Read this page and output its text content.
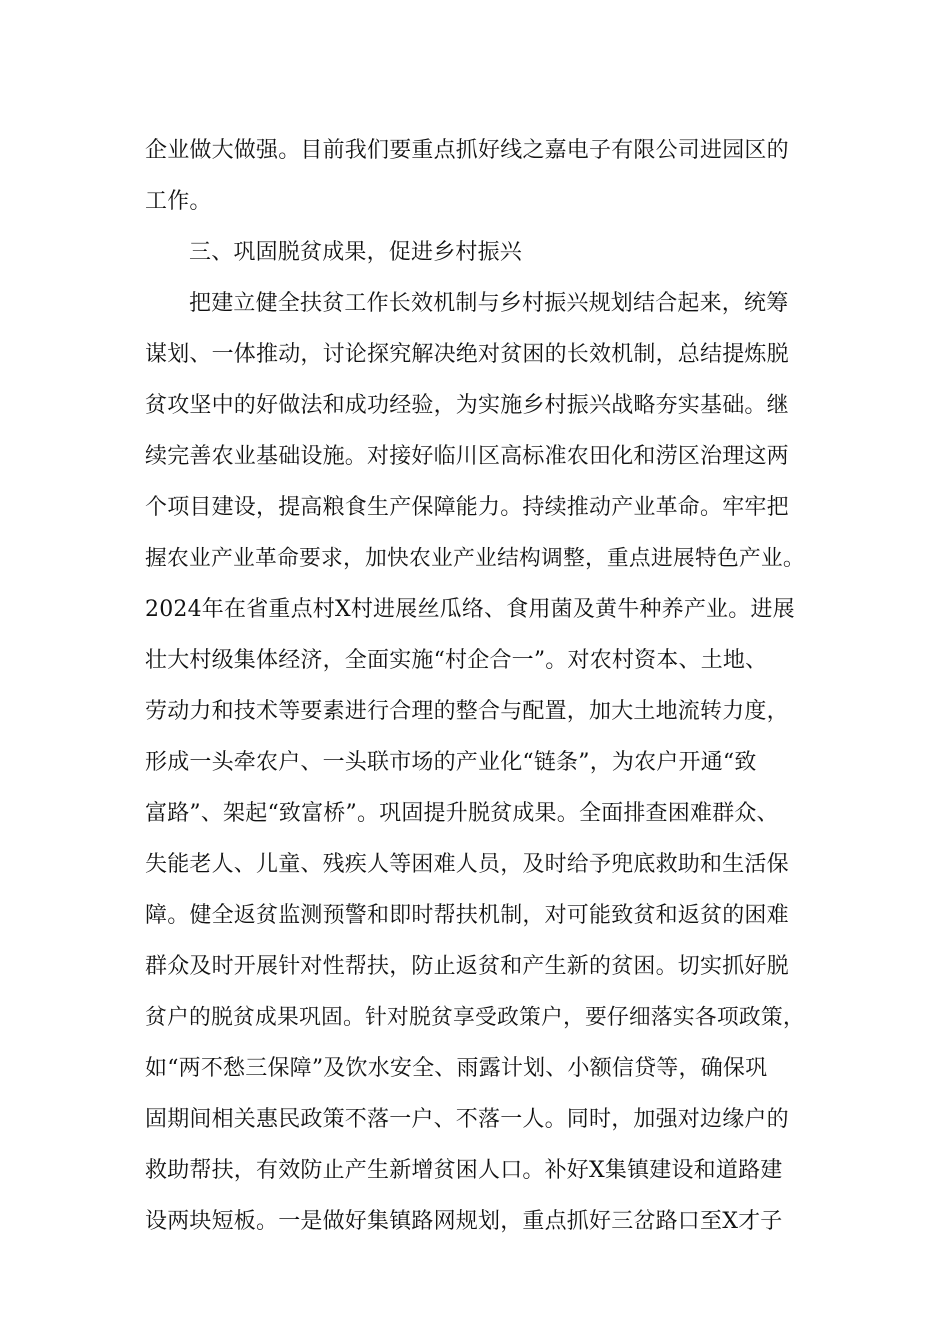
企业做大做强。目前我们要重点抓好线之嘉电子有限公司进园区的
工作。
三、巩固脱贫成果，促进乡村振兴
把建立健全扶贫工作长效机制与乡村振兴规划结合起来，统筹
谋划、一体推动，讨论探究解决绝对贫困的长效机制，总结提炼脱
贫攻坚中的好做法和成功经验，为实施乡村振兴战略夯实基础。继
续完善农业基础设施。对接好临川区高标准农田化和涝区治理这两
个项目建设，提高粮食生产保障能力。持续推动产业革命。牢牢把
握农业产业革命要求，加快农业产业结构调整，重点进展特色产业。
2024年在省重点村X村进展丝瓜络、食用菌及黄牛种养产业。进展
壮大村级集体经济，全面实施“村企合一”。对农村资本、土地、
劳动力和技术等要素进行合理的整合与配置，加大土地流转力度，
形成一头牵农户、一头联市场的产业化“链条”，为农户开通“致
富路”、架起“致富桥”。巩固提升脱贫成果。全面排查困难群众、
失能老人、儿童、残疾人等困难人员，及时给予兜底救助和生活保
障。健全返贫监测预警和即时帮扶机制，对可能致贫和返贫的困难
群众及时开展针对性帮扶，防止返贫和产生新的贫困。切实抓好脱
贫户的脱贫成果巩固。针对脱贫享受政策户，要仔细落实各项政策，
如“两不愁三保障”及饮水安全、雨露计划、小额信贷等，确保巩
固期间相关惠民政策不落一户、不落一人。同时，加强对边缘户的
救助帮扶，有效防止产生新增贫困人口。补好X集镇建设和道路建
设两块短板。一是做好集镇路网规划，重点抓好三岔路口至X才子
